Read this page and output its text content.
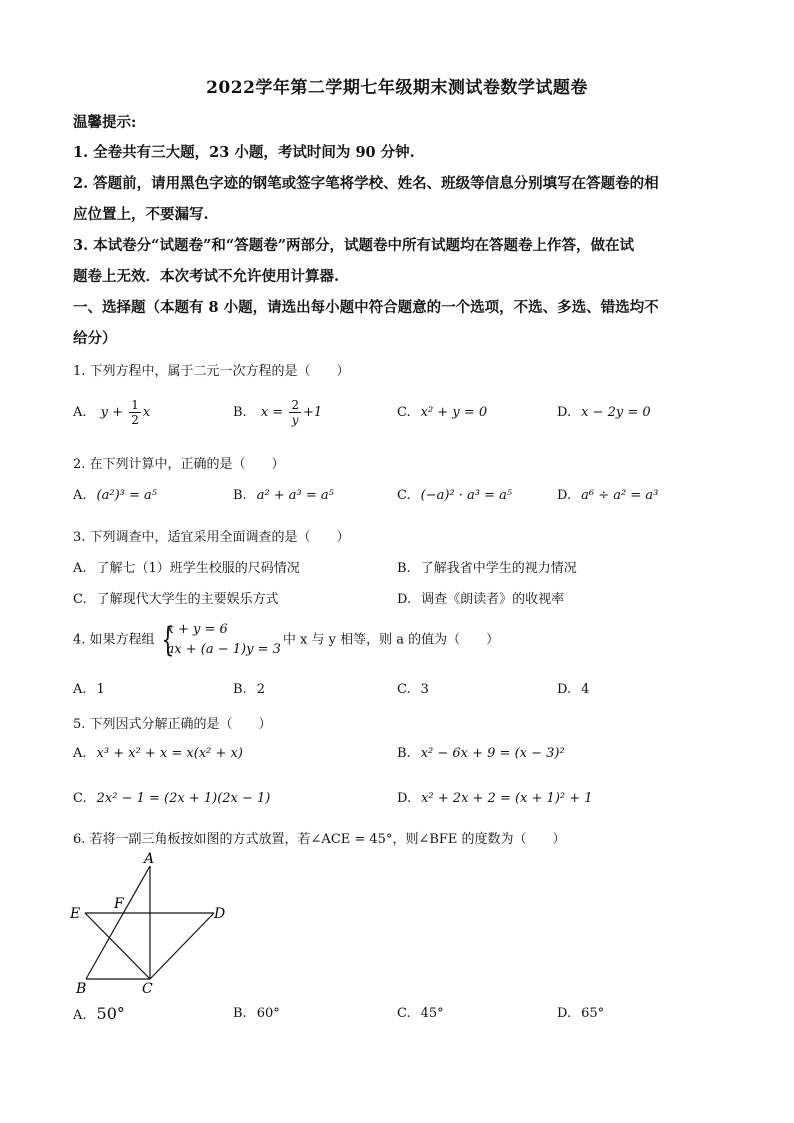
2022学年第二学期七年级期末测试卷数学试题卷
温馨提示:
1. 全卷共有三大题，23 小题，考试时间为 90 分钟.
2. 答题前，请用黑色字迹的钢笔或签字笔将学校、姓名、班级等信息分别填写在答题卷的相
应位置上，不要漏写.
3. 本试卷分“试题卷”和“答题卷”两部分，试题卷中所有试题均在答题卷上作答，做在试
题卷上无效．本次考试不允许使用计算器.
一、选择题（本题有 8 小题，请选出每小题中符合题意的一个选项，不选、多选、错选均不
给分）
1. 下列方程中，属于二元一次方程的是（　　）
A. $y + \frac{1}{2}$ x	B. $x = \frac{2}{y} +1$	C. x² + y = 0	D. x − 2y = 0
2. 在下列计算中，正确的是（　　）
A. (a²)³ = a⁵	B. a² + a³ = a⁵	C. (−a)² · a³ = a⁵	D. a⁶ ÷ a² = a³
3. 下列调查中，适宜采用全面调查的是（　　）
A. 了解七（1）班学生校服的尺码情况	B. 了解我省中学生的视力情况
C. 了解现代大学生的主要娱乐方式	D. 调查《朗读者》的收视率
4. 如果方程组 {
x + y = 6
ax + (a − 1)y = 3
中 x 与 y 相等，则 a 的值为（　　）
A. 1	B. 2	C. 3	D. 4
5. 下列因式分解正确的是（　　）
A. x³ + x² + x = x(x² + x)	B. x² − 6x + 9 = (x − 3)²
C. 2x² − 1 = (2x + 1)(2x − 1)	D. x² + 2x + 2 = (x + 1)² + 1
6. 若将一副三角板按如图的方式放置，若∠ACE = 45°，则∠BFE 的度数为（　　）
A
B	C
D
E
F
A. 50°	B. 60°	C. 45°	D. 65°
